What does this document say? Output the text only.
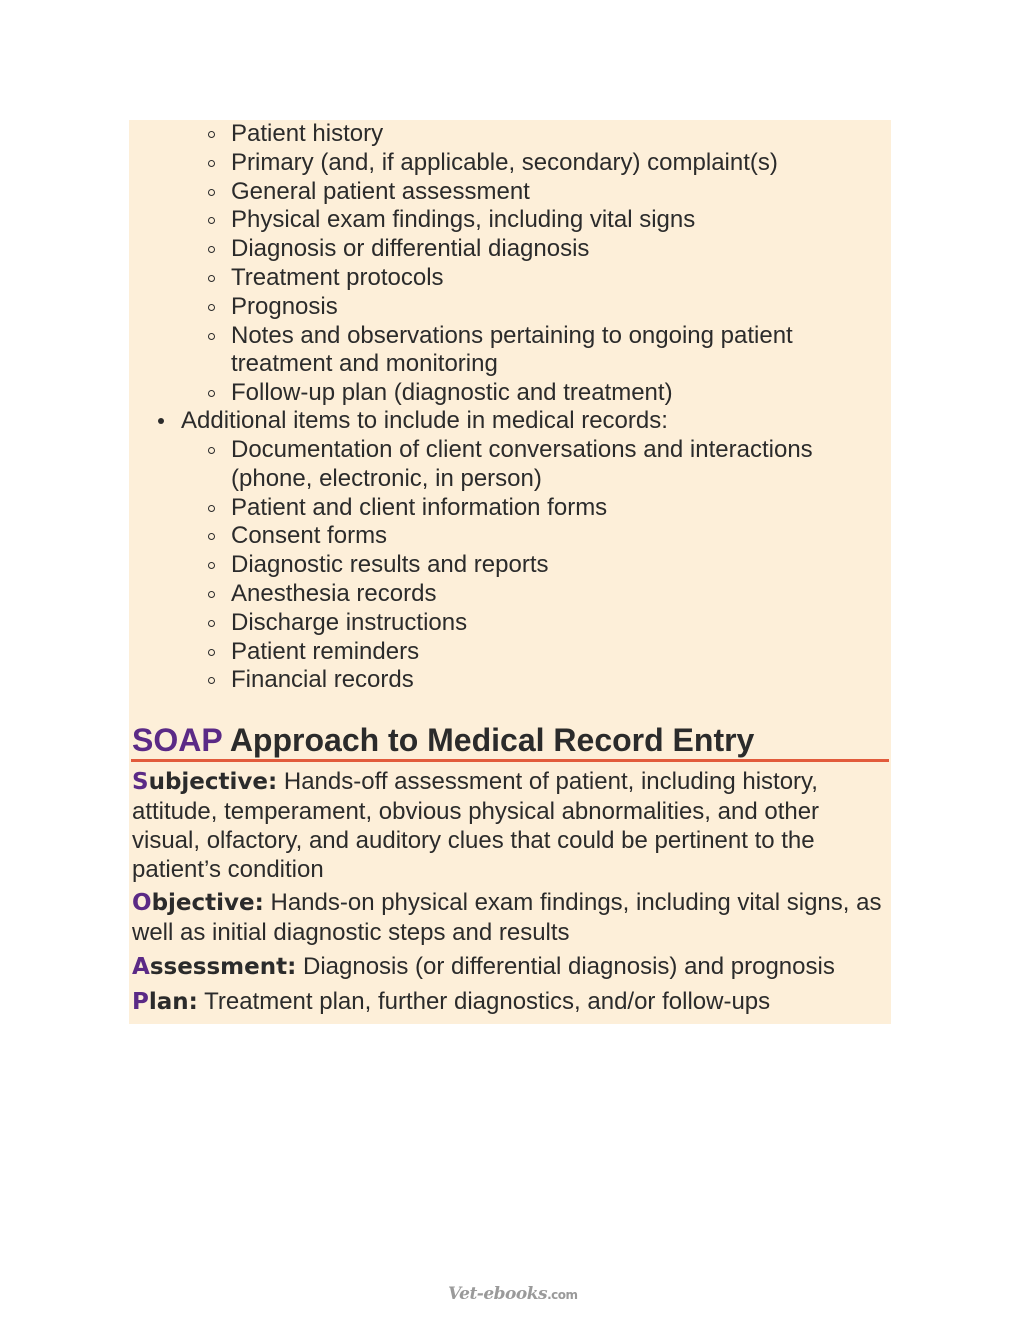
Patient history
Primary (and, if applicable, secondary) complaint(s)
General patient assessment
Physical exam findings, including vital signs
Diagnosis or differential diagnosis
Treatment protocols
Prognosis
Notes and observations pertaining to ongoing patient treatment and monitoring
Follow-up plan (diagnostic and treatment)
Additional items to include in medical records:
Documentation of client conversations and interactions (phone, electronic, in person)
Patient and client information forms
Consent forms
Diagnostic results and reports
Anesthesia records
Discharge instructions
Patient reminders
Financial records
SOAP Approach to Medical Record Entry
Subjective: Hands-off assessment of patient, including history, attitude, temperament, obvious physical abnormalities, and other visual, olfactory, and auditory clues that could be pertinent to the patient’s condition
Objective: Hands-on physical exam findings, including vital signs, as well as initial diagnostic steps and results
Assessment: Diagnosis (or differential diagnosis) and prognosis
Plan: Treatment plan, further diagnostics, and/or follow-ups
Vet-ebooks.com
